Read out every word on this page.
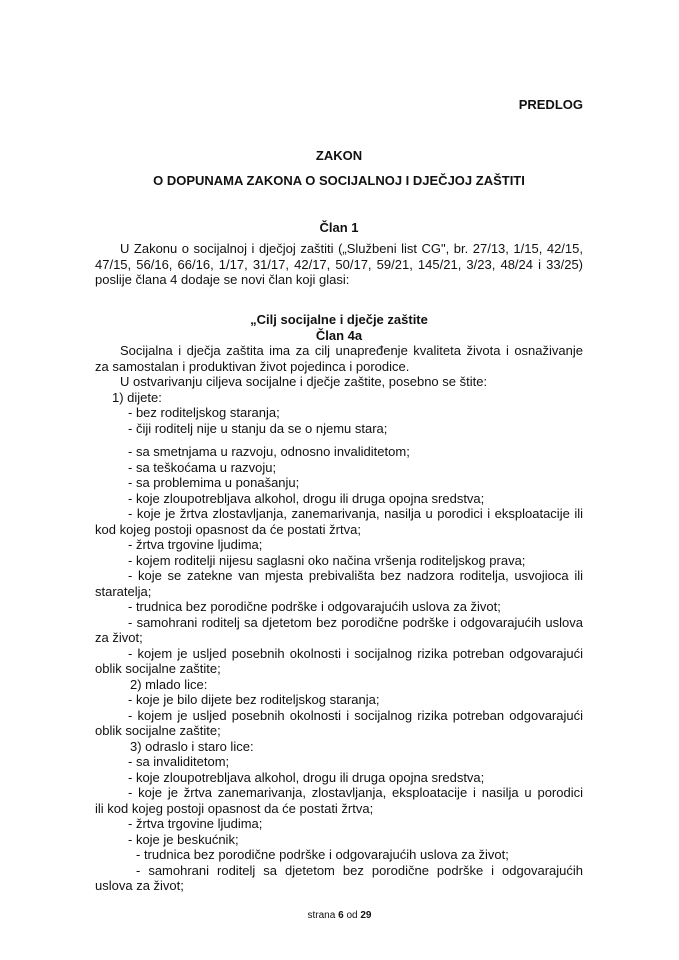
PREDLOG
ZAKON
O DOPUNAMA ZAKONA O SOCIJALNOJ I DJEČJOJ ZAŠTITI
Član 1
U Zakonu o socijalnoj i dječjoj zaštiti („Službeni list CG", br. 27/13, 1/15, 42/15,
47/15, 56/16, 66/16, 1/17, 31/17, 42/17, 50/17, 59/21, 145/21, 3/23, 48/24 i 33/25)
poslije člana 4 dodaje se novi član koji glasi:
„Cilj socijalne i dječje zaštite
Član 4a
Socijalna i dječja zaštita ima za cilj unapređenje kvaliteta života i osnaživanje
za samostalan i produktivan život pojedinca i porodice.
U ostvarivanju ciljeva socijalne i dječje zaštite, posebno se štite:
1) dijete:
- bez roditeljskog staranja;
- čiji roditelj nije u stanju da se o njemu stara;
- sa smetnjama u razvoju, odnosno invaliditetom;
- sa teškoćama u razvoju;
- sa problemima u ponašanju;
- koje zloupotrebljava alkohol, drogu ili druga opojna sredstva;
- koje je žrtva zlostavljanja, zanemarivanja, nasilja u porodici i eksploatacije ili
kod kojeg postoji opasnost da će postati žrtva;
- žrtva trgovine ljudima;
- kojem roditelji nijesu saglasni oko načina vršenja roditeljskog prava;
- koje se zatekne van mjesta prebivališta bez nadzora roditelja, usvojioca ili
staratelja;
- trudnica bez porodične podrške i odgovarajućih uslova za život;
- samohrani roditelj sa djetetom bez porodične podrške i odgovarajućih uslova
za život;
- kojem je usljed posebnih okolnosti i socijalnog rizika potreban odgovarajući
oblik socijalne zaštite;
2) mlado lice:
- koje je bilo dijete bez roditeljskog staranja;
- kojem je usljed posebnih okolnosti i socijalnog rizika potreban odgovarajući
oblik socijalne zaštite;
3) odraslo i staro lice:
- sa invaliditetom;
- koje zloupotrebljava alkohol, drogu ili druga opojna sredstva;
- koje je žrtva zanemarivanja, zlostavljanja, eksploatacije i nasilja u porodici
ili kod kojeg postoji opasnost da će postati žrtva;
- žrtva trgovine ljudima;
- koje je beskućnik;
- trudnica bez porodične podrške i odgovarajućih uslova za život;
- samohrani roditelj sa djetetom bez porodične podrške i odgovarajućih
uslova za život;
strana 6 od 29
